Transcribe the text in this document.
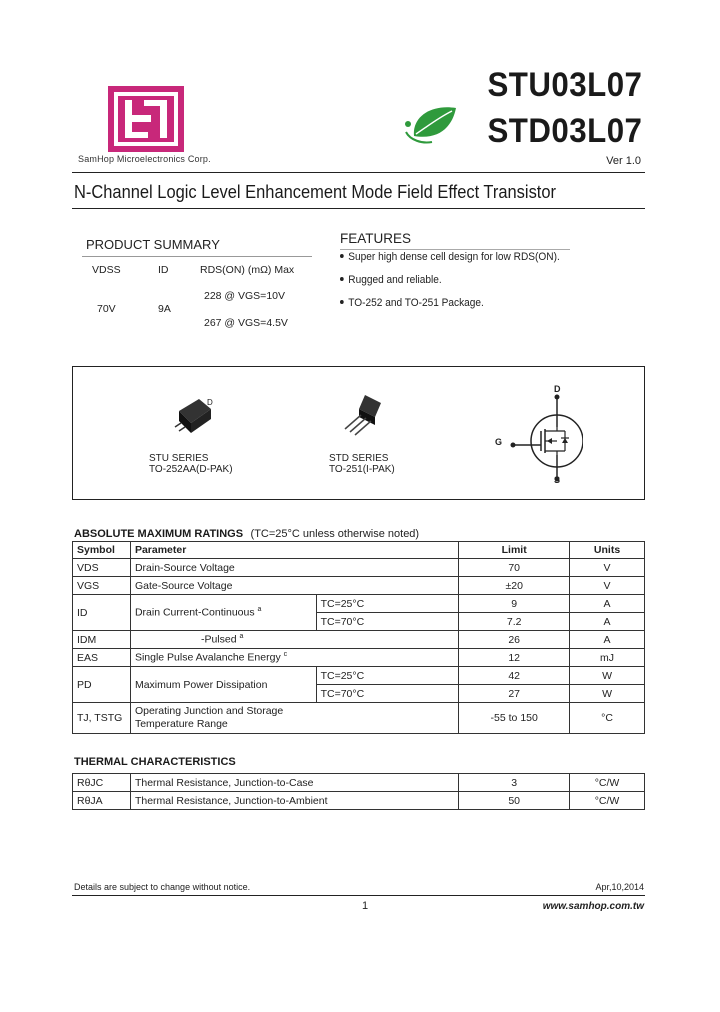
SamHop Microelectronics Corp.
STU03L07
STD03L07
Ver 1.0
N-Channel Logic Level Enhancement Mode Field Effect Transistor
PRODUCT SUMMARY
VDSS	ID	RDS(ON) (mΩ) Max
228 @ VGS=10V
70V	9A
267 @ VGS=4.5V
FEATURES
Super high dense cell design for low RDS(ON).
Rugged and reliable.
TO-252 and TO-251 Package.
D
STU SERIES
TO-252AA(D-PAK)
STD SERIES
TO-251(I-PAK)
D
G
S
ABSOLUTE MAXIMUM RATINGS (TC=25°C unless otherwise noted)
Symbol	Parameter		Limit	Units
VDS	Drain-Source Voltage		70	V
VGS	Gate-Source Voltage		±20	V
ID	Drain Current-Continuous $^a$	TC=25°C	9	A
		TC=70°C	7.2	A
IDM	-Pulsed $^a$		26	A
EAS	Single Pulse Avalanche Energy $^c$		12	mJ
PD	Maximum Power Dissipation	TC=25°C	42	W
		TC=70°C	27	W
TJ, TSTG	Operating Junction and Storage
Temperature Range		-55 to 150	°C
THERMAL CHARACTERISTICS
RθJC	Thermal Resistance, Junction-to-Case	3	°C/W
RθJA	Thermal Resistance, Junction-to-Ambient	50	°C/W
Details are subject to change without notice.	Apr,10,2014
1	www.samhop.com.tw
